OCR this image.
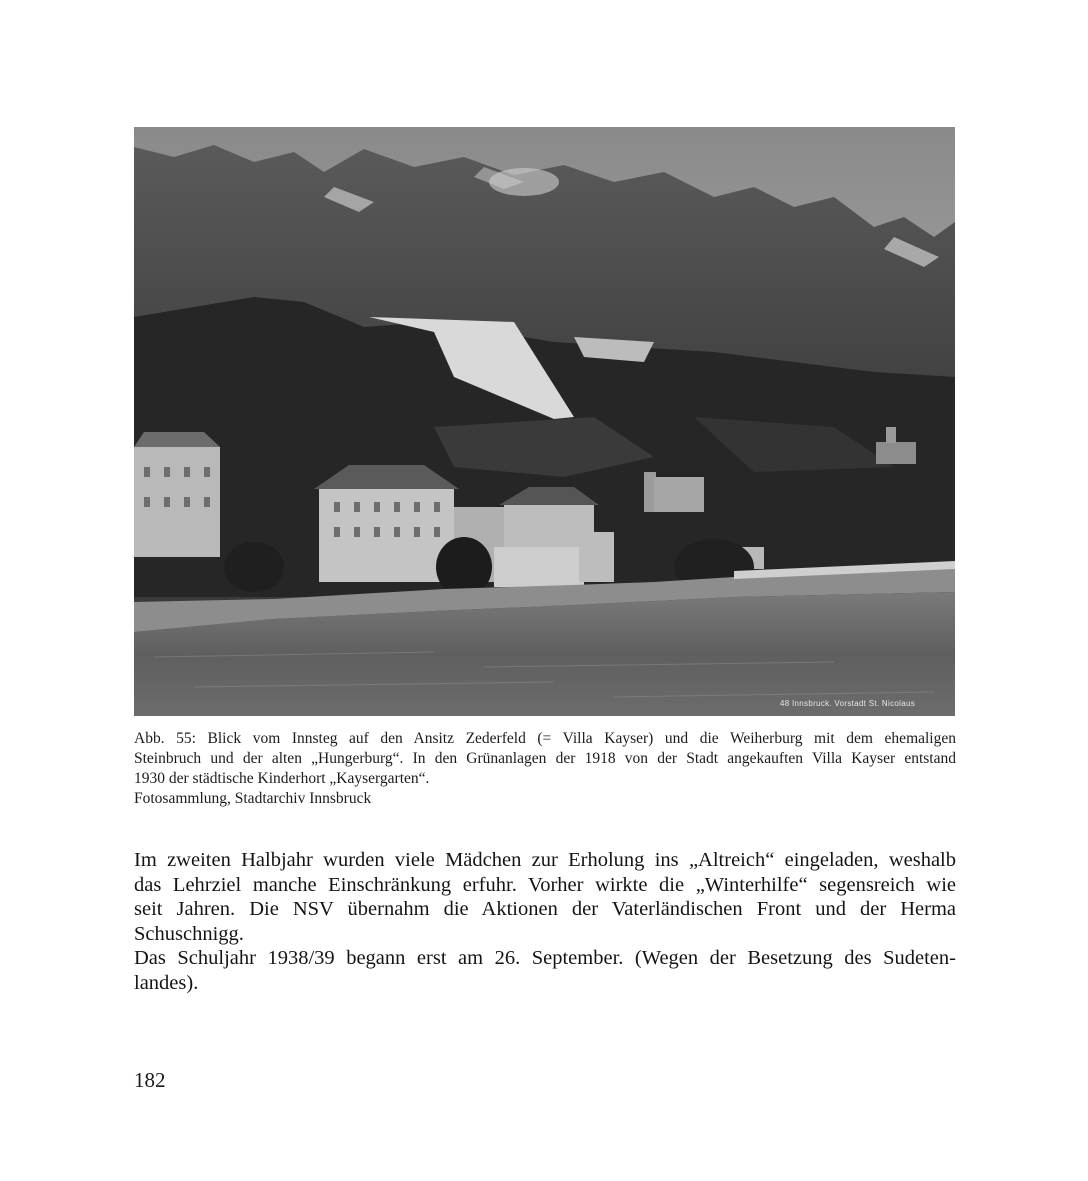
48 Innsbruck. Vorstadt St. Nicolaus
Abb. 55: Blick vom Innsteg auf den Ansitz Zederfeld (= Villa Kayser) und die Weiherburg mit dem ehemaligen
Steinbruch und der alten „Hungerburg“. In den Grünanlagen der 1918 von der Stadt angekauften Villa Kayser entstand
1930 der städtische Kinderhort „Kaysergarten“.
Fotosammlung, Stadtarchiv Innsbruck
Im zweiten Halbjahr wurden viele Mädchen zur Erholung ins „Altreich“ eingeladen, weshalb
das Lehrziel manche Einschränkung erfuhr. Vorher wirkte die „Winterhilfe“ segensreich wie
seit Jahren. Die NSV übernahm die Aktionen der Vaterländischen Front und der Herma
Schuschnigg.
Das Schuljahr 1938/39 begann erst am 26. September. (Wegen der Besetzung des Sudeten-
landes).
182
